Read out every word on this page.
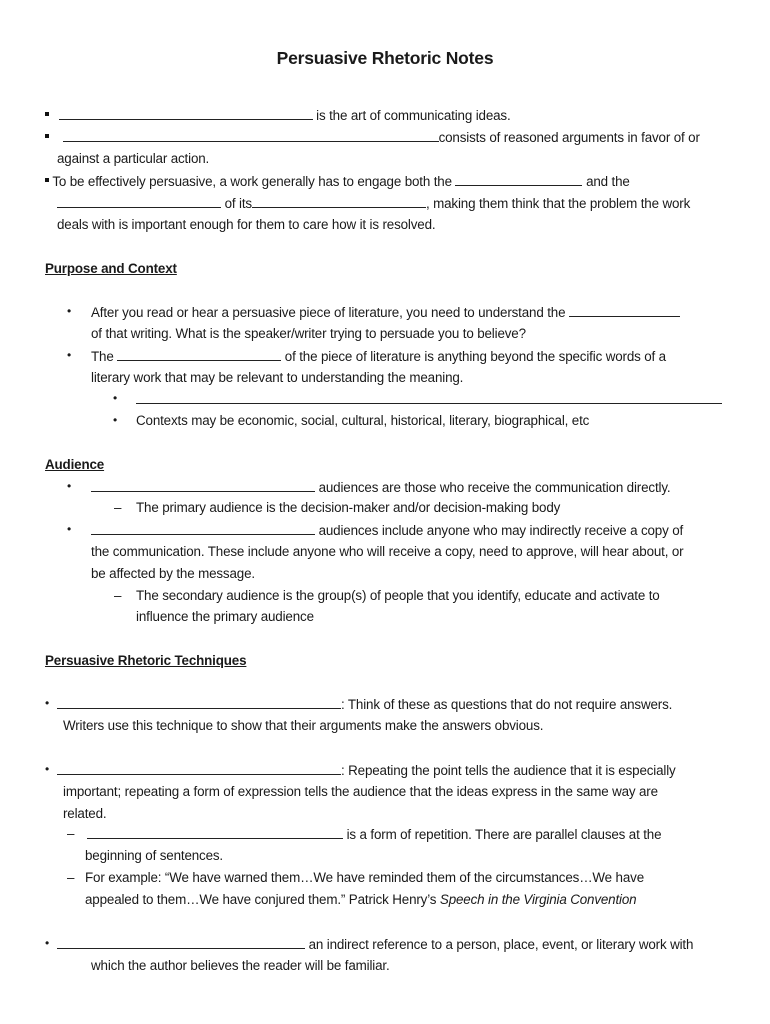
Persuasive Rhetoric Notes
is the art of communicating ideas.
consists of reasoned arguments in favor of or
against a particular action.
To be effectively persuasive, a work generally has to engage both the	and the
of its	, making them think that the problem the work
deals with is important enough for them to care how it is resolved.
Purpose and Context
• After you read or hear a persuasive piece of literature, you need to understand the
of that writing. What is the speaker/writer trying to persuade you to believe?
• The	of the piece of literature is anything beyond the specific words of a
literary work that may be relevant to understanding the meaning.
•
• Contexts may be economic, social, cultural, historical, literary, biographical, etc
Audience
•	audiences are those who receive the communication directly.
– The primary audience is the decision-maker and/or decision-making body
•	audiences include anyone who may indirectly receive a copy of
the communication. These include anyone who will receive a copy, need to approve, will hear about, or
be affected by the message.
– The secondary audience is the group(s) of people that you identify, educate and activate to
influence the primary audience
Persuasive Rhetoric Techniques
•	: Think of these as questions that do not require answers.
Writers use this technique to show that their arguments make the answers obvious.
•	: Repeating the point tells the audience that it is especially
important; repeating a form of expression tells the audience that the ideas express in the same way are
related.
–	is a form of repetition. There are parallel clauses at the
beginning of sentences.
– For example: “We have warned them…We have reminded them of the circumstances…We have
appealed to them…We have conjured them.” Patrick Henry’s Speech in the Virginia Convention
•	an indirect reference to a person, place, event, or literary work with
which the author believes the reader will be familiar.
